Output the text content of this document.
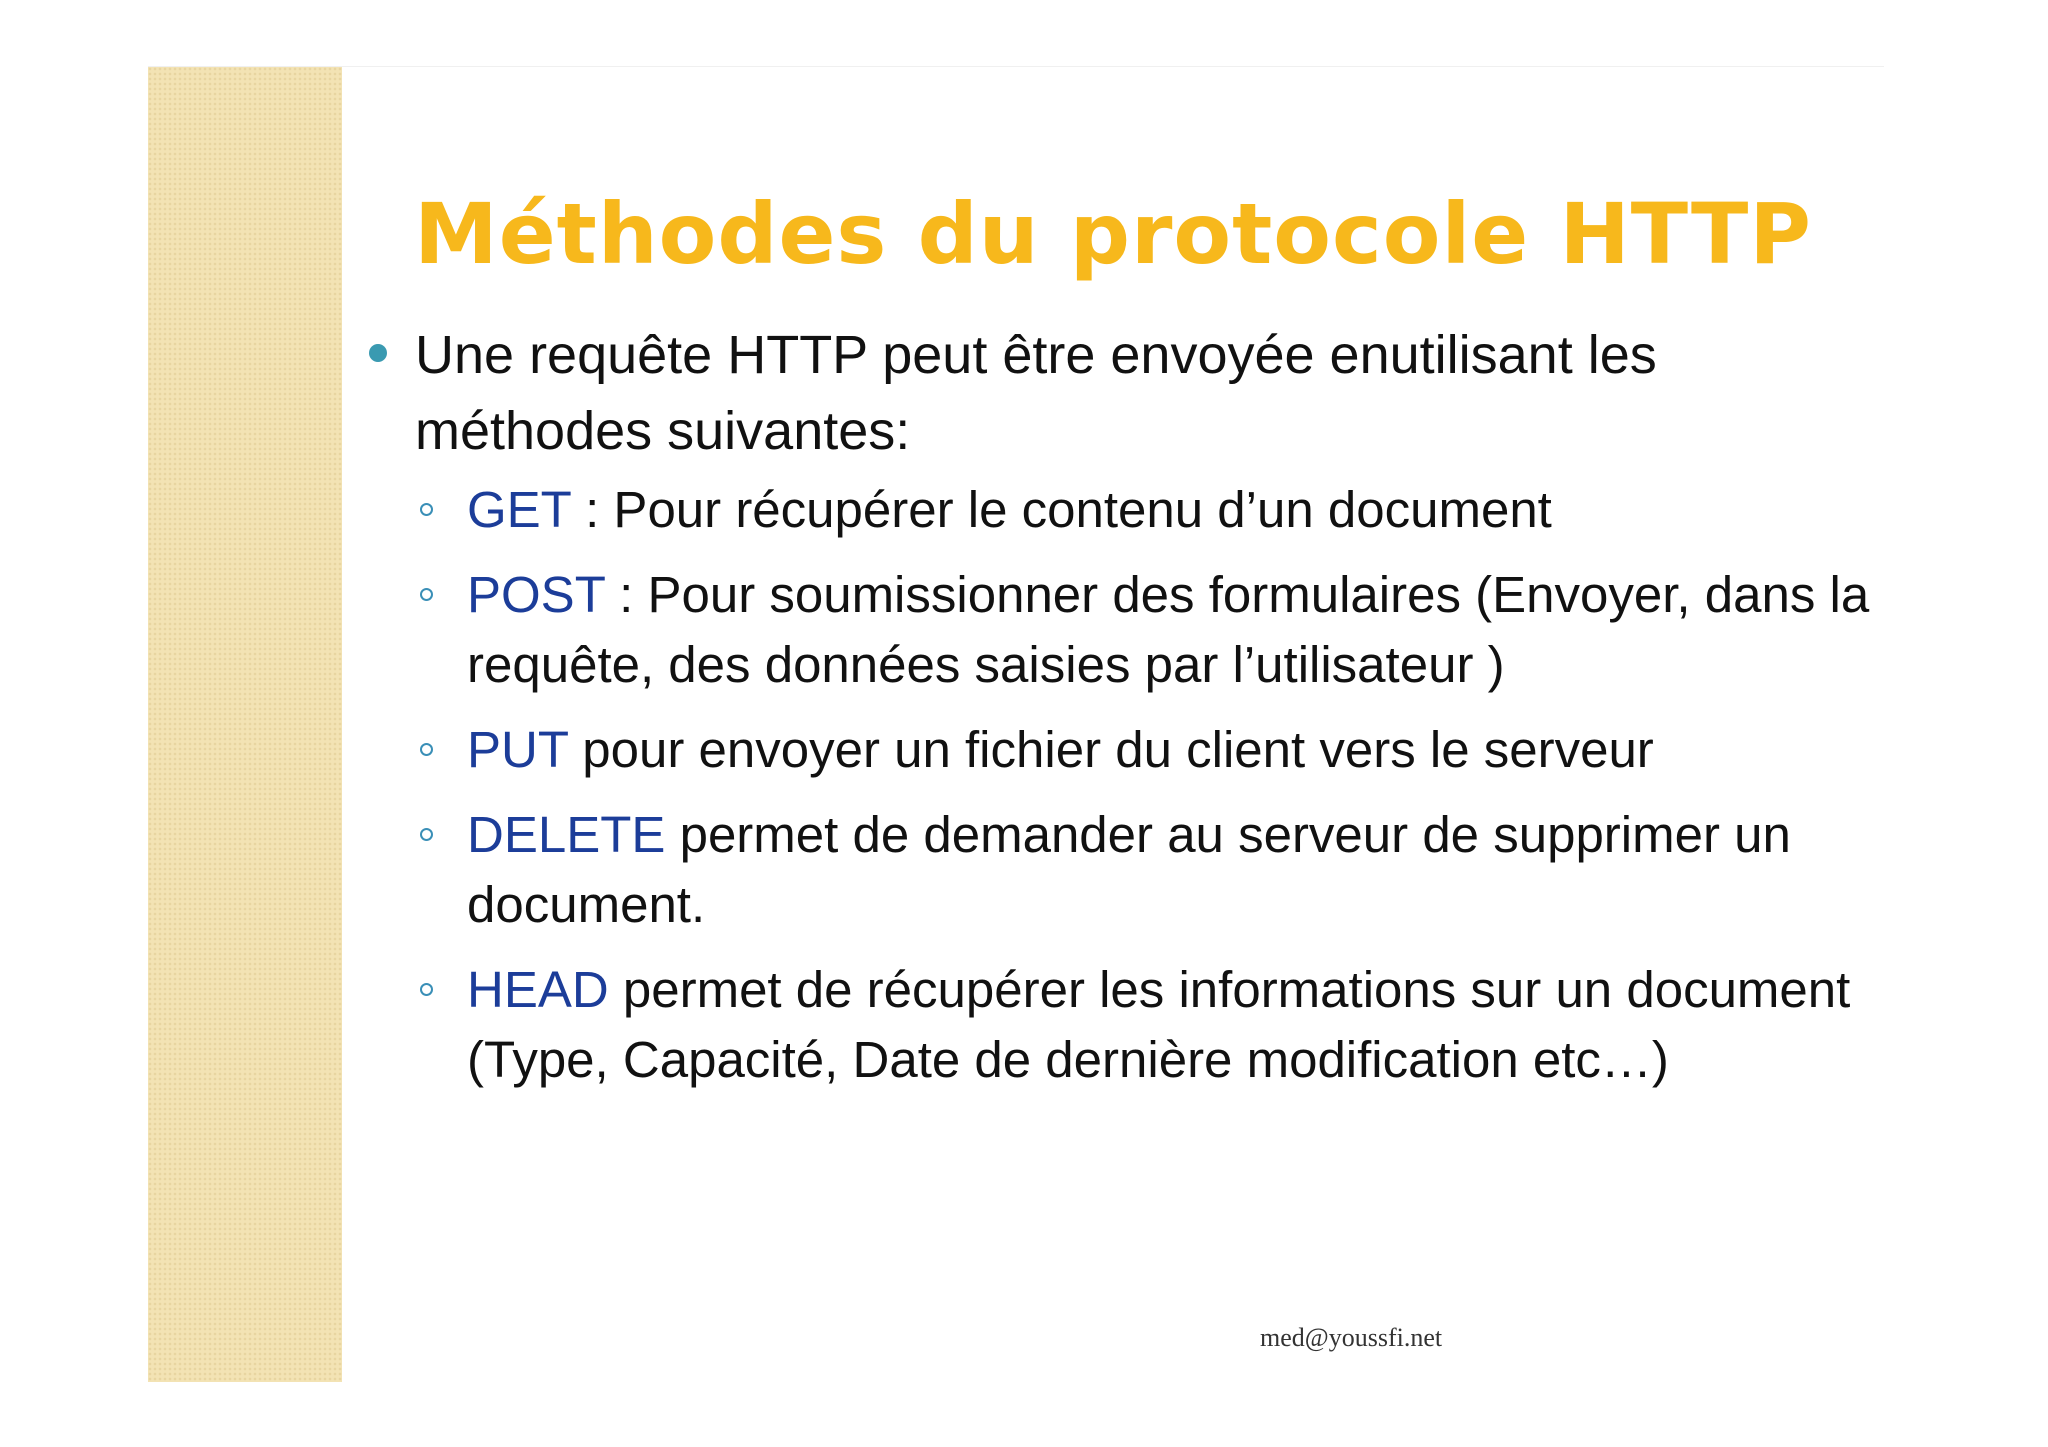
Méthodes du protocole HTTP
Une requête HTTP peut être envoyée enutilisant les méthodes suivantes:
GET : Pour récupérer le contenu d’un document
POST : Pour soumissionner des formulaires (Envoyer, dans la requête, des données saisies par l’utilisateur )
PUT pour envoyer un fichier du client vers le serveur
DELETE permet de demander au serveur de supprimer un document.
HEAD permet de récupérer les informations sur un document (Type, Capacité, Date de dernière modification etc…)
med@youssfi.net
